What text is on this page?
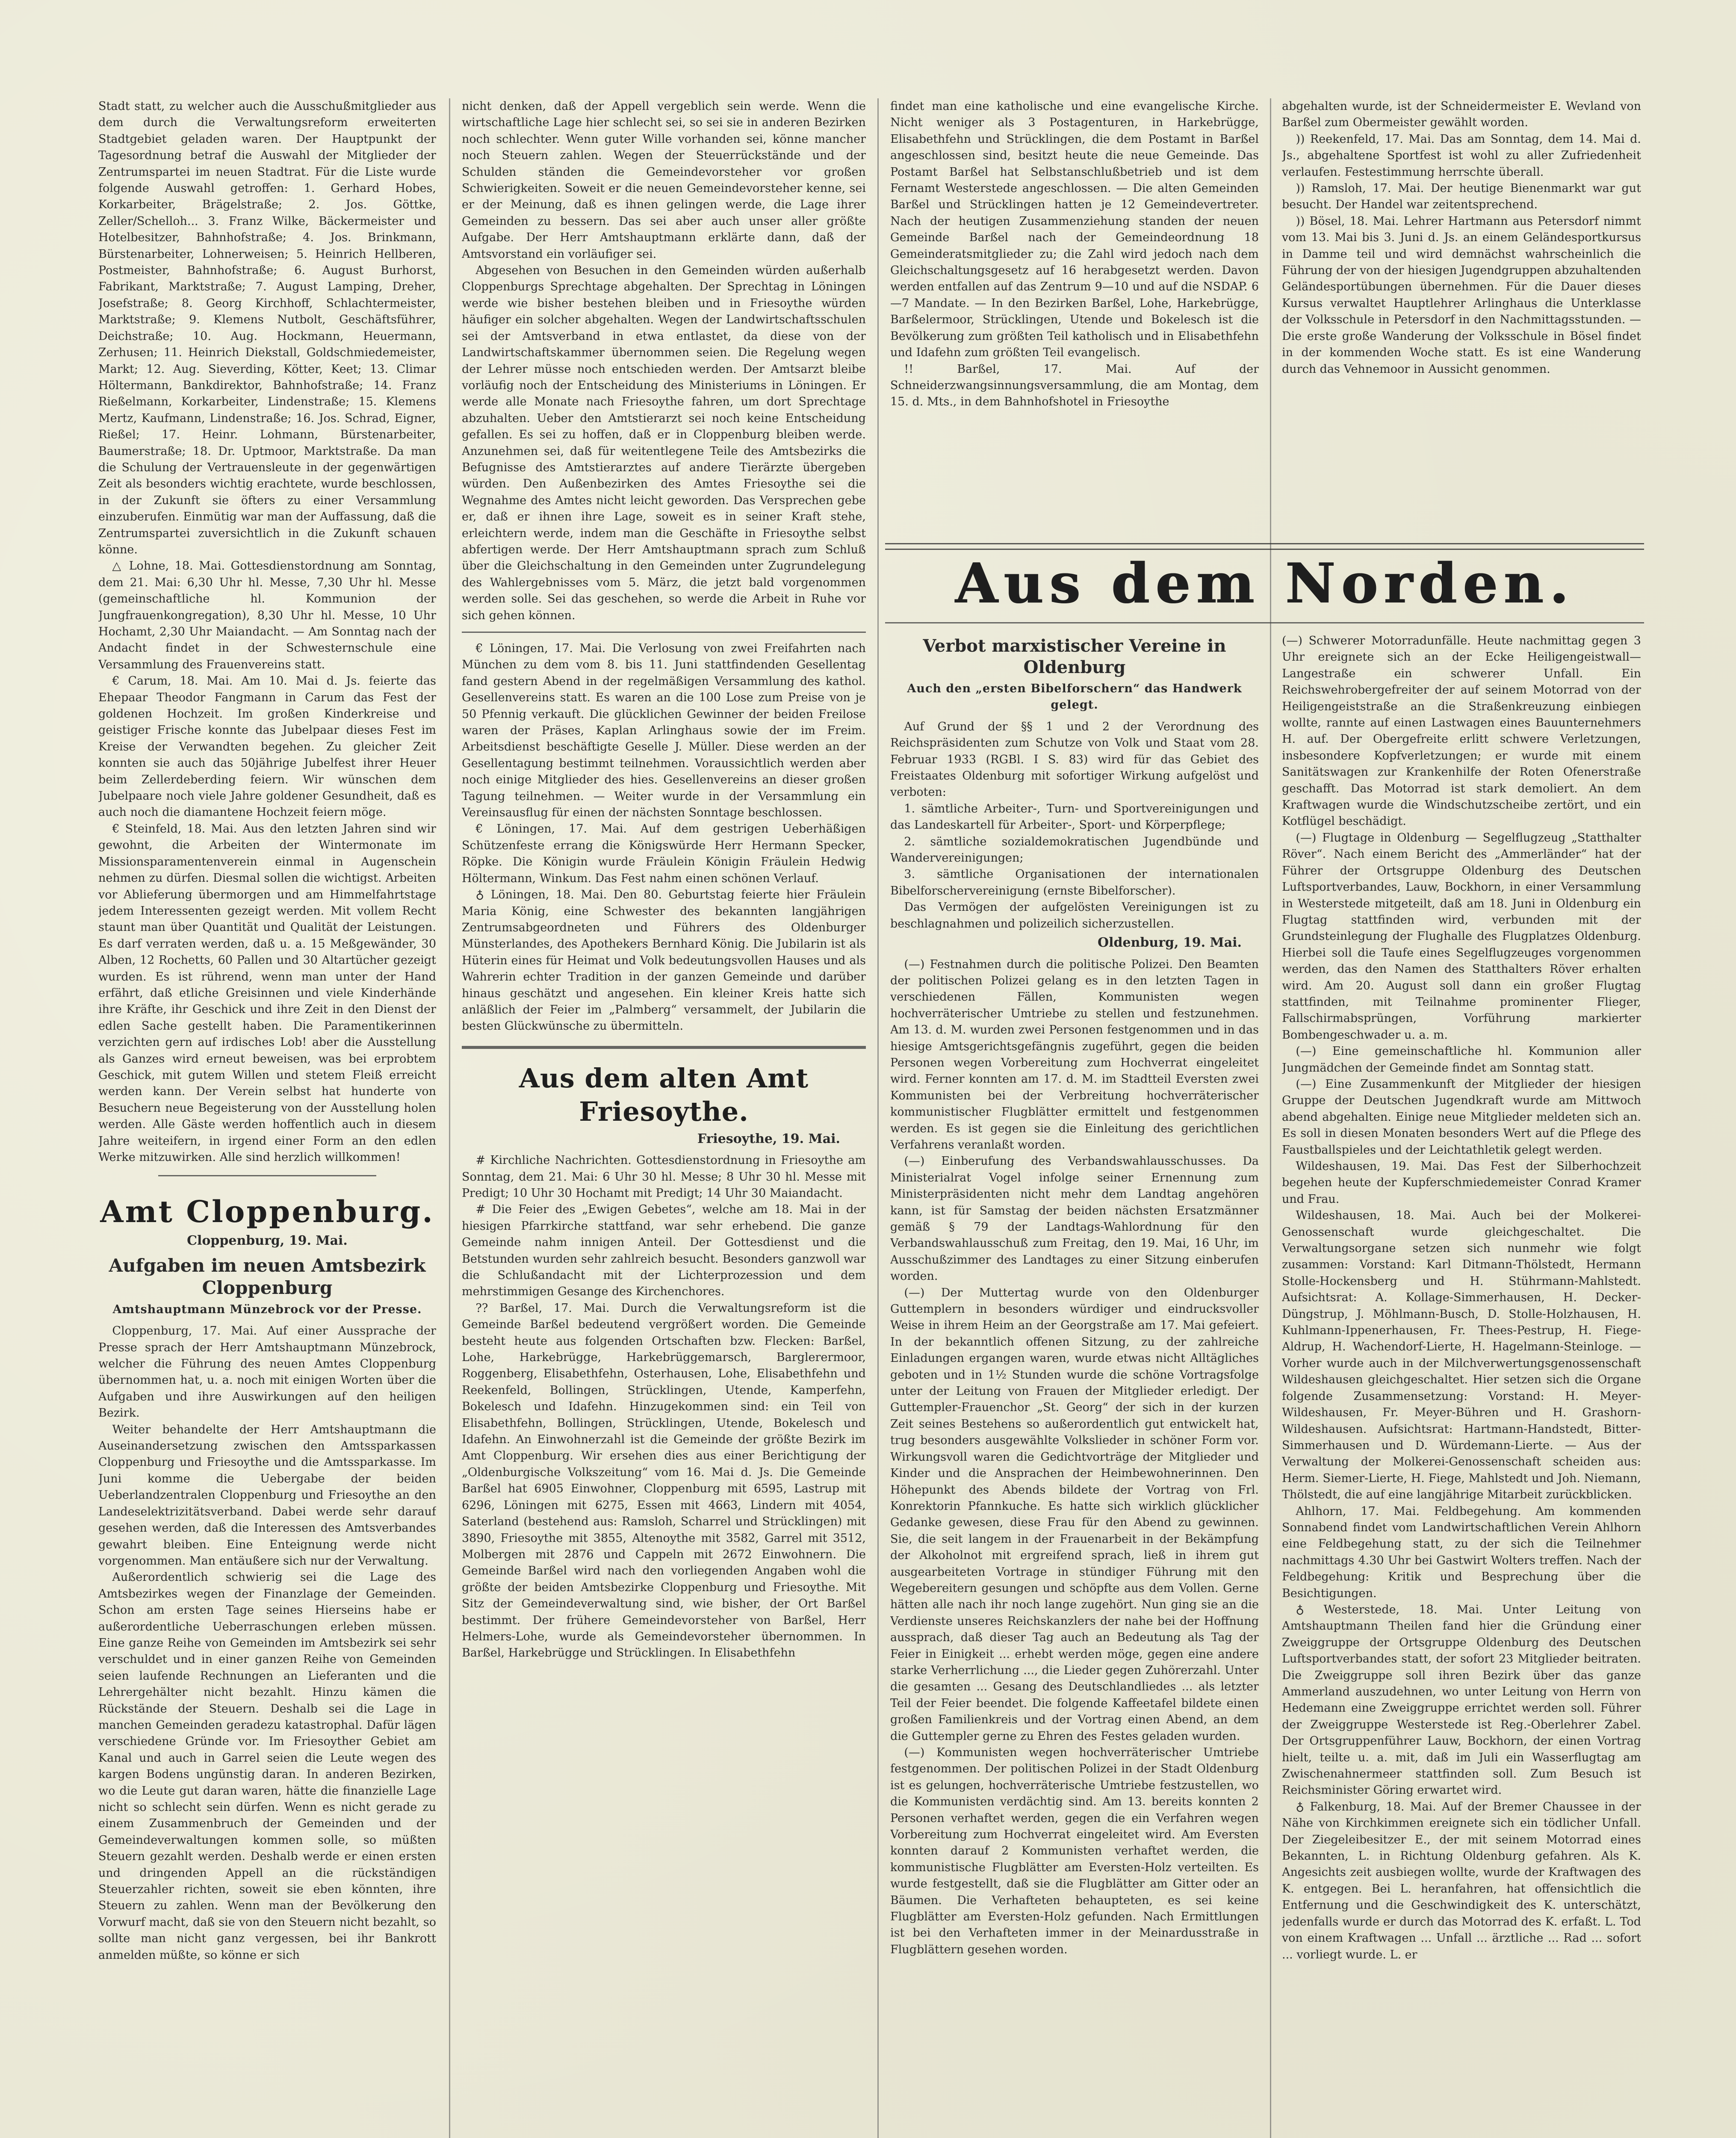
Stadt statt, zu welcher auch die Ausschußmitglieder aus dem durch die Verwaltungsreform erweiterten Stadtgebiet geladen waren. Der Hauptpunkt der Tagesordnung betraf die Auswahl der Mitglieder der Zentrumspartei im neuen Stadtrat. Für die Liste wurde folgende Auswahl getroffen: 1. Gerhard Hobes, Korkarbeiter, Brägelstraße; 2. Jos. Göttke, Zeller/Schelloh... 3. Franz Wilke, Bäckermeister und Hotelbesitzer, Bahnhofstraße; 4. Jos. Brinkmann, Bürstenarbeiter, Lohnerweisen; 5. Heinrich Hellberen, Postmeister, Bahnhofstraße; 6. August Burhorst, Fabrikant, Marktstraße; 7. August Lamping, Dreher, Josefstraße; 8. Georg Kirchhoff, Schlachtermeister, Marktstraße; 9. Klemens Nutbolt, Geschäftsführer, Deichstraße; 10. Aug. Hockmann, Heuermann, Zerhusen; 11. Heinrich Diekstall, Goldschmiedemeister, Markt; 12. Aug. Sieverding, Kötter, Keet; 13. Climar Höltermann, Bankdirektor, Bahnhofstraße; 14. Franz Rießelmann, Korkarbeiter, Lindenstraße; 15. Klemens Mertz, Kaufmann, Lindenstraße; 16. Jos. Schrad, Eigner, Rießel; 17. Heinr. Lohmann, Bürstenarbeiter, Baumerstraße; 18. Dr. Uptmoor, Marktstraße. Da man die Schulung der Vertrauensleute in der gegenwärtigen Zeit als besonders wichtig erachtete, wurde beschlossen, in der Zukunft sie öfters zu einer Versammlung einzuberufen. Einmütig war man der Auffassung, daß die Zentrumspartei zuversichtlich in die Zukunft schauen könne.

△ Lohne, 18. Mai. Gottesdienstordnung am Sonntag, dem 21. Mai: 6,30 Uhr hl. Messe, 7,30 Uhr hl. Messe (gemeinschaftliche hl. Kommunion der Jungfrauenkongregation), 8,30 Uhr hl. Messe, 10 Uhr Hochamt, 2,30 Uhr Maiandacht. — Am Sonntag nach der Andacht findet in der Schwesternschule eine Versammlung des Frauenvereins statt.

€ Carum, 18. Mai. Am 10. Mai d. Js. feierte das Ehepaar Theodor Fangmann in Carum das Fest der goldenen Hochzeit. Im großen Kinderkreise und geistiger Frische konnte das Jubelpaar dieses Fest im Kreise der Verwandten begehen. Zu gleicher Zeit konnten sie auch das 50jährige Jubelfest ihrer Heuer beim Zellerdeberding feiern. Wir wünschen dem Jubelpaare noch viele Jahre goldener Gesundheit, daß es auch noch die diamantene Hochzeit feiern möge.

€ Steinfeld, 18. Mai. Aus den letzten Jahren sind wir gewohnt, die Arbeiten der Wintermonate im Missionsparamentenverein einmal in Augenschein nehmen zu dürfen. Diesmal sollen die wichtigst. Arbeiten vor Ablieferung übermorgen und am Himmelfahrtstage jedem Interessenten gezeigt werden. Mit vollem Recht staunt man über Quantität und Qualität der Leistungen. Es darf verraten werden, daß u. a. 15 Meßgewänder, 30 Alben, 12 Rochetts, 60 Pallen und 30 Altartücher gezeigt wurden. Es ist rührend, wenn man unter der Hand erfährt, daß etliche Greisinnen und viele Kinderhände ihre Kräfte, ihr Geschick und ihre Zeit in den Dienst der edlen Sache gestellt haben. Die Paramentikerinnen verzichten gern auf irdisches Lob! aber die Ausstellung als Ganzes wird erneut beweisen, was bei erprobtem Geschick, mit gutem Willen und stetem Fleiß erreicht werden kann. Der Verein selbst hat hunderte von Besuchern neue Begeisterung von der Ausstellung holen werden. Alle Gäste werden hoffentlich auch in diesem Jahre weiteifern, in irgend einer Form an den edlen Werke mitzuwirken. Alle sind herzlich willkommen!

Amt Cloppenburg.
Cloppenburg, 19. Mai.
Aufgaben im neuen Amtsbezirk Cloppenburg
Amtshauptmann Münzebrock vor der Presse.

Cloppenburg, 17. Mai. Auf einer Aussprache der Presse sprach der Herr Amtshauptmann Münzebrock, welcher die Führung des neuen Amtes Cloppenburg übernommen hat, u. a. noch mit einigen Worten über die Aufgaben und ihre Auswirkungen auf den heiligen Bezirk.

Weiter behandelte der Herr Amtshauptmann die Auseinandersetzung zwischen den Amtssparkassen Cloppenburg und Friesoythe und die Amtssparkasse. Im Juni komme die Uebergabe der beiden Ueberlandzentralen Cloppenburg und Friesoythe an den Landeselektrizitätsverband. Dabei werde sehr darauf gesehen werden, daß die Interessen des Amtsverbandes gewahrt bleiben. Eine Enteignung werde nicht vorgenommen. Man entäußere sich nur der Verwaltung.

Außerordentlich schwierig sei die Lage des Amtsbezirkes wegen der Finanzlage der Gemeinden. Schon am ersten Tage seines Hierseins habe er außerordentliche Ueberraschungen erleben müssen. Eine ganze Reihe von Gemeinden im Amtsbezirk sei sehr verschuldet und in einer ganzen Reihe von Gemeinden seien laufende Rechnungen an Lieferanten und die Lehrergehälter nicht bezahlt. Hinzu kämen die Rückstände der Steuern. Deshalb sei die Lage in manchen Gemeinden geradezu katastrophal. Dafür lägen verschiedene Gründe vor. Im Friesoyther Gebiet am Kanal und auch in Garrel seien die Leute wegen des kargen Bodens ungünstig daran. In anderen Bezirken, wo die Leute gut daran waren, hätte die finanzielle Lage nicht so schlecht sein dürfen. Wenn es nicht gerade zu einem Zusammenbruch der Gemeinden und der Gemeindeverwaltungen kommen solle, so müßten Steuern gezahlt werden. Deshalb werde er einen ersten und dringenden Appell an die rückständigen Steuerzahler richten, soweit sie eben könnten, ihre Steuern zu zahlen. Wenn man der Bevölkerung den Vorwurf macht, daß sie von den Steuern nicht bezahlt, so sollte man nicht ganz vergessen, bei ihr Bankrott anmelden müßte, so könne er sich

nicht denken, daß der Appell vergeblich sein werde. Wenn die wirtschaftliche Lage hier schlecht sei, so sei sie in anderen Bezirken noch schlechter. Wenn guter Wille vorhanden sei, könne mancher noch Steuern zahlen. Wegen der Steuerrückstände und der Schulden ständen die Gemeindevorsteher vor großen Schwierigkeiten. Soweit er die neuen Gemeindevorsteher kenne, sei er der Meinung, daß es ihnen gelingen werde, die Lage ihrer Gemeinden zu bessern. Das sei aber auch unser aller größte Aufgabe. Der Herr Amtshauptmann erklärte dann, daß der Amtsvorstand ein vorläufiger sei.

Abgesehen von Besuchen in den Gemeinden würden außerhalb Cloppenburgs Sprechtage abgehalten. Der Sprechtag in Löningen werde wie bisher bestehen bleiben und in Friesoythe würden häufiger ein solcher abgehalten. Wegen der Landwirtschaftsschulen sei der Amtsverband in etwa entlastet, da diese von der Landwirtschaftskammer übernommen seien. Die Regelung wegen der Lehrer müsse noch entschieden werden. Der Amtsarzt bleibe vorläufig noch der Entscheidung des Ministeriums in Löningen. Er werde alle Monate nach Friesoythe fahren, um dort Sprechtage abzuhalten. Ueber den Amtstierarzt sei noch keine Entscheidung gefallen. Es sei zu hoffen, daß er in Cloppenburg bleiben werde. Anzunehmen sei, daß für weitentlegene Teile des Amtsbezirks die Befugnisse des Amtstierarztes auf andere Tierärzte übergeben würden. Den Außenbezirken des Amtes Friesoythe sei die Wegnahme des Amtes nicht leicht geworden. Das Versprechen gebe er, daß er ihnen ihre Lage, soweit es in seiner Kraft stehe, erleichtern werde, indem man die Geschäfte in Friesoythe selbst abfertigen werde. Der Herr Amtshauptmann sprach zum Schluß über die Gleichschaltung in den Gemeinden unter Zugrundelegung des Wahlergebnisses vom 5. März, die jetzt bald vorgenommen werden solle. Sei das geschehen, so werde die Arbeit in Ruhe vor sich gehen können.

€ Löningen, 17. Mai. Die Verlosung von zwei Freifahrten nach München zu dem vom 8. bis 11. Juni stattfindenden Gesellentag fand gestern Abend in der regelmäßigen Versammlung des kathol. Gesellenvereins statt. Es waren an die 100 Lose zum Preise von je 50 Pfennig verkauft. Die glücklichen Gewinner der beiden Freilose waren der Präses, Kaplan Arlinghaus sowie der im Freim. Arbeitsdienst beschäftigte Geselle J. Müller. Diese werden an der Gesellentagung bestimmt teilnehmen. Voraussichtlich werden aber noch einige Mitglieder des hies. Gesellenvereins an dieser großen Tagung teilnehmen. — Weiter wurde in der Versammlung ein Vereinsausflug für einen der nächsten Sonntage beschlossen.

€ Löningen, 17. Mai. Auf dem gestrigen Ueberhäßigen Schützenfeste errang die Königswürde Herr Hermann Specker, Röpke. Die Königin wurde Fräulein Königin Fräulein Hedwig Höltermann, Winkum. Das Fest nahm einen schönen Verlauf.

♁ Löningen, 18. Mai. Den 80. Geburtstag feierte hier Fräulein Maria König, eine Schwester des bekannten langjährigen Zentrumsabgeordneten und Führers des Oldenburger Münsterlandes, des Apothekers Bernhard König. Die Jubilarin ist als Hüterin eines für Heimat und Volk bedeutungsvollen Hauses und als Wahrerin echter Tradition in der ganzen Gemeinde und darüber hinaus geschätzt und angesehen. Ein kleiner Kreis hatte sich anläßlich der Feier im „Palmberg“ versammelt, der Jubilarin die besten Glückwünsche zu übermitteln.

Aus dem alten Amt Friesoythe.
Friesoythe, 19. Mai.

# Kirchliche Nachrichten. Gottesdienstordnung in Friesoythe am Sonntag, dem 21. Mai: 6 Uhr 30 hl. Messe; 8 Uhr 30 hl. Messe mit Predigt; 10 Uhr 30 Hochamt mit Predigt; 14 Uhr 30 Maiandacht.

# Die Feier des „Ewigen Gebetes“, welche am 18. Mai in der hiesigen Pfarrkirche stattfand, war sehr erhebend. Die ganze Gemeinde nahm innigen Anteil. Der Gottesdienst und die Betstunden wurden sehr zahlreich besucht. Besonders ganzwoll war die Schlußandacht mit der Lichterprozession und dem mehrstimmigen Gesange des Kirchenchores.

?? Barßel, 17. Mai. Durch die Verwaltungsreform ist die Gemeinde Barßel bedeutend vergrößert worden. Die Gemeinde besteht heute aus folgenden Ortschaften bzw. Flecken: Barßel, Lohe, Harkebrügge, Harkebrüggemarsch, Barglerermoor, Roggenberg, Elisabethfehn, Osterhausen, Lohe, Elisabethfehn und Reekenfeld, Bollingen, Strücklingen, Utende, Kamperfehn, Bokelesch und Idafehn. Hinzugekommen sind: ein Teil von Elisabethfehn, Bollingen, Strücklingen, Utende, Bokelesch und Idafehn. An Einwohnerzahl ist die Gemeinde der größte Bezirk im Amt Cloppenburg. Wir ersehen dies aus einer Berichtigung der „Oldenburgische Volkszeitung“ vom 16. Mai d. Js. Die Gemeinde Barßel hat 6905 Einwohner, Cloppenburg mit 6595, Lastrup mit 6296, Löningen mit 6275, Essen mit 4663, Lindern mit 4054, Saterland (bestehend aus: Ramsloh, Scharrel und Strücklingen) mit 3890, Friesoythe mit 3855, Altenoythe mit 3582, Garrel mit 3512, Molbergen mit 2876 und Cappeln mit 2672 Einwohnern. Die Gemeinde Barßel wird nach den vorliegenden Angaben wohl die größte der beiden Amtsbezirke Cloppenburg und Friesoythe. Mit Sitz der Gemeindeverwaltung sind, wie bisher, der Ort Barßel bestimmt. Der frühere Gemeindevorsteher von Barßel, Herr Helmers-Lohe, wurde als Gemeindevorsteher übernommen. In Barßel, Harkebrügge und Strücklingen. In Elisabethfehn

findet man eine katholische und eine evangelische Kirche. Nicht weniger als 3 Postagenturen, in Harkebrügge, Elisabethfehn und Strücklingen, die dem Postamt in Barßel angeschlossen sind, besitzt heute die neue Gemeinde. Das Postamt Barßel hat Selbstanschlußbetrieb und ist dem Fernamt Westerstede angeschlossen. — Die alten Gemeinden Barßel und Strücklingen hatten je 12 Gemeindevertreter. Nach der heutigen Zusammenziehung standen der neuen Gemeinde Barßel nach der Gemeindeordnung 18 Gemeinderatsmitglieder zu; die Zahl wird jedoch nach dem Gleichschaltungsgesetz auf 16 herabgesetzt werden. Davon werden entfallen auf das Zentrum 9—10 und auf die NSDAP. 6—7 Mandate. — In den Bezirken Barßel, Lohe, Harkebrügge, Barßelermoor, Strücklingen, Utende und Bokelesch ist die Bevölkerung zum größten Teil katholisch und in Elisabethfehn und Idafehn zum größten Teil evangelisch.

!! Barßel, 17. Mai. Auf der Schneiderzwangsinnungsversammlung, die am Montag, dem 15. d. Mts., in dem Bahnhofshotel in Friesoythe

abgehalten wurde, ist der Schneidermeister E. Wevland von Barßel zum Obermeister gewählt worden.

)) Reekenfeld, 17. Mai. Das am Sonntag, dem 14. Mai d. Js., abgehaltene Sportfest ist wohl zu aller Zufriedenheit verlaufen. Festestimmung herrschte überall.

)) Ramsloh, 17. Mai. Der heutige Bienenmarkt war gut besucht. Der Handel war zeitentsprechend.

)) Bösel, 18. Mai. Lehrer Hartmann aus Petersdorf nimmt vom 13. Mai bis 3. Juni d. Js. an einem Geländesportkursus in Damme teil und wird demnächst wahrscheinlich die Führung der von der hiesigen Jugendgruppen abzuhaltenden Geländesportübungen übernehmen. Für die Dauer dieses Kursus verwaltet Hauptlehrer Arlinghaus die Unterklasse der Volksschule in Petersdorf in den Nachmittagsstunden. — Die erste große Wanderung der Volksschule in Bösel findet in der kommenden Woche statt. Es ist eine Wanderung durch das Vehnemoor in Aussicht genommen.

Aus dem Norden.
Verbot marxistischer Vereine in Oldenburg
Auch den „ersten Bibelforschern“ das Handwerk gelegt.

Auf Grund der §§ 1 und 2 der Verordnung des Reichspräsidenten zum Schutze von Volk und Staat vom 28. Februar 1933 (RGBl. I S. 83) wird für das Gebiet des Freistaates Oldenburg mit sofortiger Wirkung aufgelöst und verboten:

1. sämtliche Arbeiter-, Turn- und Sportvereinigungen und das Landeskartell für Arbeiter-, Sport- und Körperpflege;

2. sämtliche sozialdemokratischen Jugendbünde und Wandervereinigungen;

3. sämtliche Organisationen der internationalen Bibelforschervereinigung (ernste Bibelforscher).

Das Vermögen der aufgelösten Vereinigungen ist zu beschlagnahmen und polizeilich sicherzustellen.

Oldenburg, 19. Mai.

(—) Festnahmen durch die politische Polizei. Den Beamten der politischen Polizei gelang es in den letzten Tagen in verschiedenen Fällen, Kommunisten wegen hochverräterischer Umtriebe zu stellen und festzunehmen. Am 13. d. M. wurden zwei Personen festgenommen und in das hiesige Amtsgerichtsgefängnis zugeführt, gegen die beiden Personen wegen Vorbereitung zum Hochverrat eingeleitet wird. Ferner konnten am 17. d. M. im Stadtteil Eversten zwei Kommunisten bei der Verbreitung hochverräterischer kommunistischer Flugblätter ermittelt und festgenommen werden. Es ist gegen sie die Einleitung des gerichtlichen Verfahrens veranlaßt worden.

(—) Einberufung des Verbandswahlausschusses. Da Ministerialrat Vogel infolge seiner Ernennung zum Ministerpräsidenten nicht mehr dem Landtag angehören kann, ist für Samstag der beiden nächsten Ersatzmänner gemäß § 79 der Landtags-Wahlordnung für den Verbandswahlausschuß zum Freitag, den 19. Mai, 16 Uhr, im Ausschußzimmer des Landtages zu einer Sitzung einberufen worden.

(—) Der Muttertag wurde von den Oldenburger Guttemplern in besonders würdiger und eindrucksvoller Weise in ihrem Heim an der Georgstraße am 17. Mai gefeiert. In der bekanntlich offenen Sitzung, zu der zahlreiche Einladungen ergangen waren, wurde etwas nicht Alltägliches geboten und in 1½ Stunden wurde die schöne Vortragsfolge unter der Leitung von Frauen der Mitglieder erledigt. Der Guttempler-Frauenchor „St. Georg“ der sich in der kurzen Zeit seines Bestehens so außerordentlich gut entwickelt hat, trug besonders ausgewählte Volkslieder in schöner Form vor. Wirkungsvoll waren die Gedichtvorträge der Mitglieder und Kinder und die Ansprachen der Heimbewohnerinnen. Den Höhepunkt des Abends bildete der Vortrag von Frl. Konrektorin Pfannkuche. Es hatte sich wirklich glücklicher Gedanke gewesen, diese Frau für den Abend zu gewinnen. Sie, die seit langem in der Frauenarbeit in der Bekämpfung der Alkoholnot mit ergreifend sprach, ließ in ihrem gut ausgearbeiteten Vortrage in stündiger Führung mit den Wegebereitern gesungen und schöpfte aus dem Vollen. Gerne hätten alle nach ihr noch lange zugehört. Nun ging sie an die Verdienste unseres Reichskanzlers der nahe bei der Hoffnung aussprach, daß dieser Tag auch an Bedeutung als Tag der Feier in Einigkeit ... erhebt werden möge, gegen eine andere starke Verherrlichung ..., die Lieder gegen Zuhörerzahl. Unter die gesamten ... Gesang des Deutschlandliedes ... als letzter Teil der Feier beendet. Die folgende Kaffeetafel bildete einen großen Familienkreis und der Vortrag einen Abend, an dem die Guttempler gerne zu Ehren des Festes geladen wurden.

(—) Kommunisten wegen hochverräterischer Umtriebe festgenommen. Der politischen Polizei in der Stadt Oldenburg ist es gelungen, hochverräterische Umtriebe festzustellen, wo die Kommunisten verdächtig sind. Am 13. bereits konnten 2 Personen verhaftet werden, gegen die ein Verfahren wegen Vorbereitung zum Hochverrat eingeleitet wird. Am Eversten konnten darauf 2 Kommunisten verhaftet werden, die kommunistische Flugblätter am Eversten-Holz verteilten. Es wurde festgestellt, daß sie die Flugblätter am Gitter oder an Bäumen. Die Verhafteten behaupteten, es sei keine Flugblätter am Eversten-Holz gefunden. Nach Ermittlungen ist bei den Verhafteten immer in der Meinardusstraße in Flugblättern gesehen worden.

(—) Schwerer Motorradunfälle. Heute nachmittag gegen 3 Uhr ereignete sich an der Ecke Heiligengeistwall—Langestraße ein schwerer Unfall. Ein Reichswehrobergefreiter der auf seinem Motorrad von der Heiligengeiststraße an die Straßenkreuzung einbiegen wollte, rannte auf einen Lastwagen eines Bauunternehmers H. auf. Der Obergefreite erlitt schwere Verletzungen, insbesondere Kopfverletzungen; er wurde mit einem Sanitätswagen zur Krankenhilfe der Roten Ofenerstraße geschafft. Das Motorrad ist stark demoliert. An dem Kraftwagen wurde die Windschutzscheibe zertört, und ein Kotflügel beschädigt.

(—) Flugtage in Oldenburg — Segelflugzeug „Statthalter Röver“. Nach einem Bericht des „Ammerländer“ hat der Führer der Ortsgruppe Oldenburg des Deutschen Luftsportverbandes, Lauw, Bockhorn, in einer Versammlung in Westerstede mitgeteilt, daß am 18. Juni in Oldenburg ein Flugtag stattfinden wird, verbunden mit der Grundsteinlegung der Flughalle des Flugplatzes Oldenburg. Hierbei soll die Taufe eines Segelflugzeuges vorgenommen werden, das den Namen des Statthalters Röver erhalten wird. Am 20. August soll dann ein großer Flugtag stattfinden, mit Teilnahme prominenter Flieger, Fallschirmabsprüngen, Vorführung markierter Bombengeschwader u. a. m.

(—) Eine gemeinschaftliche hl. Kommunion aller Jungmädchen der Gemeinde findet am Sonntag statt.

(—) Eine Zusammenkunft der Mitglieder der hiesigen Gruppe der Deutschen Jugendkraft wurde am Mittwoch abend abgehalten. Einige neue Mitglieder meldeten sich an. Es soll in diesen Monaten besonders Wert auf die Pflege des Faustballspieles und der Leichtathletik gelegt werden.

Wildeshausen, 19. Mai. Das Fest der Silberhochzeit begehen heute der Kupferschmiedemeister Conrad Kramer und Frau.

Wildeshausen, 18. Mai. Auch bei der Molkerei-Genossenschaft wurde gleichgeschaltet. Die Verwaltungsorgane setzen sich nunmehr wie folgt zusammen: Vorstand: Karl Ditmann-Thölstedt, Hermann Stolle-Hockensberg und H. Stührmann-Mahlstedt. Aufsichtsrat: A. Kollage-Simmerhausen, H. Decker-Düngstrup, J. Möhlmann-Busch, D. Stolle-Holzhausen, H. Kuhlmann-Ippenerhausen, Fr. Thees-Pestrup, H. Fiege-Aldrup, H. Wachendorf-Lierte, H. Hagelmann-Steinloge. — Vorher wurde auch in der Milchverwertungsgenossenschaft Wildeshausen gleichgeschaltet. Hier setzen sich die Organe folgende Zusammensetzung: Vorstand: H. Meyer-Wildeshausen, Fr. Meyer-Bühren und H. Grashorn-Wildeshausen. Aufsichtsrat: Hartmann-Handstedt, Bitter-Simmerhausen und D. Würdemann-Lierte. — Aus der Verwaltung der Molkerei-Genossenschaft scheiden aus: Herm. Siemer-Lierte, H. Fiege, Mahlstedt und Joh. Niemann, Thölstedt, die auf eine langjährige Mitarbeit zurückblicken.

Ahlhorn, 17. Mai. Feldbegehung. Am kommenden Sonnabend findet vom Landwirtschaftlichen Verein Ahlhorn eine Feldbegehung statt, zu der sich die Teilnehmer nachmittags 4.30 Uhr bei Gastwirt Wolters treffen. Nach der Feldbegehung: Kritik und Besprechung über die Besichtigungen.

♁ Westerstede, 18. Mai. Unter Leitung von Amtshauptmann Theilen fand hier die Gründung einer Zweiggruppe der Ortsgruppe Oldenburg des Deutschen Luftsportverbandes statt, der sofort 23 Mitglieder beitraten. Die Zweiggruppe soll ihren Bezirk über das ganze Ammerland auszudehnen, wo unter Leitung von Herrn von Hedemann eine Zweiggruppe errichtet werden soll. Führer der Zweiggruppe Westerstede ist Reg.-Oberlehrer Zabel. Der Ortsgruppenführer Lauw, Bockhorn, der einen Vortrag hielt, teilte u. a. mit, daß im Juli ein Wasserflugtag am Zwischenahnermeer stattfinden soll. Zum Besuch ist Reichsminister Göring erwartet wird.

♁ Falkenburg, 18. Mai. Auf der Bremer Chaussee in der Nähe von Kirchkimmen ereignete sich ein tödlicher Unfall. Der Ziegeleibesitzer E., der mit seinem Motorrad eines Bekannten, L. in Richtung Oldenburg gefahren. Als K. Angesichts zeit ausbiegen wollte, wurde der Kraftwagen des K. entgegen. Bei L. heranfahren, hat offensichtlich die Entfernung und die Geschwindigkeit des K. unterschätzt, jedenfalls wurde er durch das Motorrad des K. erfaßt. L. Tod von einem Kraftwagen ... Unfall ... ärztliche ... Rad ... sofort ... vorliegt wurde. L. er
